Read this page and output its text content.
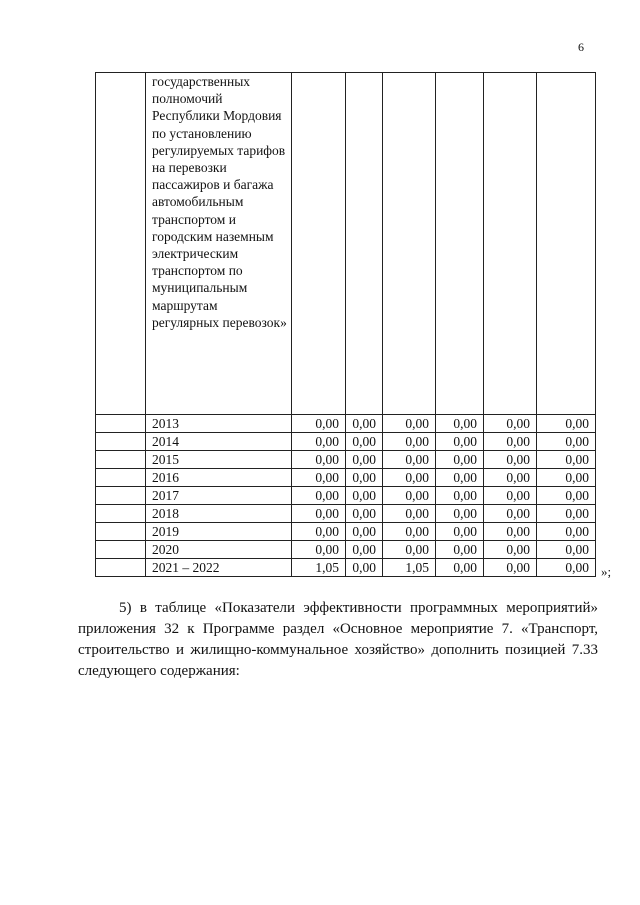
6
	государственных полномочий Республики Мордовия по установлению регулируемых тарифов на перевозки пассажиров и багажа автомобильным транспортом и городским наземным электрическим транспортом по муниципальным маршрутам регулярных перевозок»						
	2013	0,00	0,00	0,00	0,00	0,00	0,00
	2014	0,00	0,00	0,00	0,00	0,00	0,00
	2015	0,00	0,00	0,00	0,00	0,00	0,00
	2016	0,00	0,00	0,00	0,00	0,00	0,00
	2017	0,00	0,00	0,00	0,00	0,00	0,00
	2018	0,00	0,00	0,00	0,00	0,00	0,00
	2019	0,00	0,00	0,00	0,00	0,00	0,00
	2020	0,00	0,00	0,00	0,00	0,00	0,00
	2021 – 2022	1,05	0,00	1,05	0,00	0,00	0,00 »;

5) в таблице «Показатели эффективности программных мероприятий» приложения 32 к Программе раздел «Основное мероприятие 7. «Транспорт, строительство и жилищно-коммунальное хозяйство» дополнить позицией 7.33 следующего содержания:
